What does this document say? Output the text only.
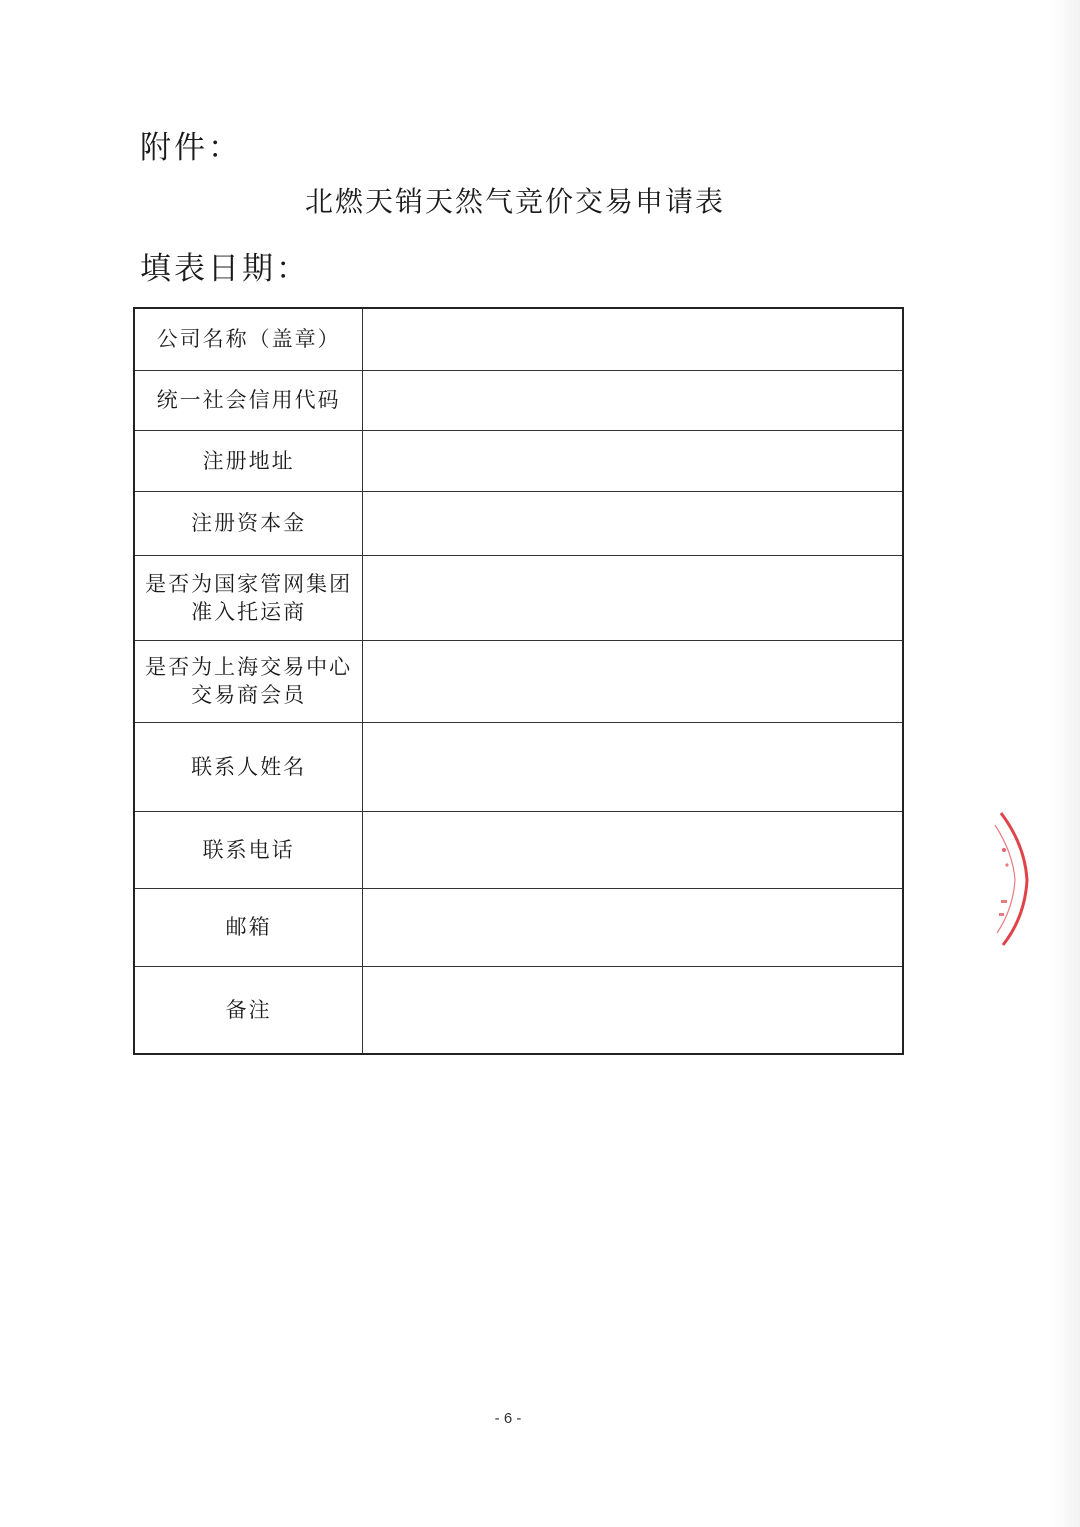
附件：
北燃天销天然气竞价交易申请表
填表日期：
公司名称（盖章）	
统一社会信用代码	
注册地址	
注册资本金	

是否为国家管网集团
准入托运商	

是否为上海交易中心
交易商会员	

联系人姓名	
联系电话	
邮箱	
备注	
- 6 -
